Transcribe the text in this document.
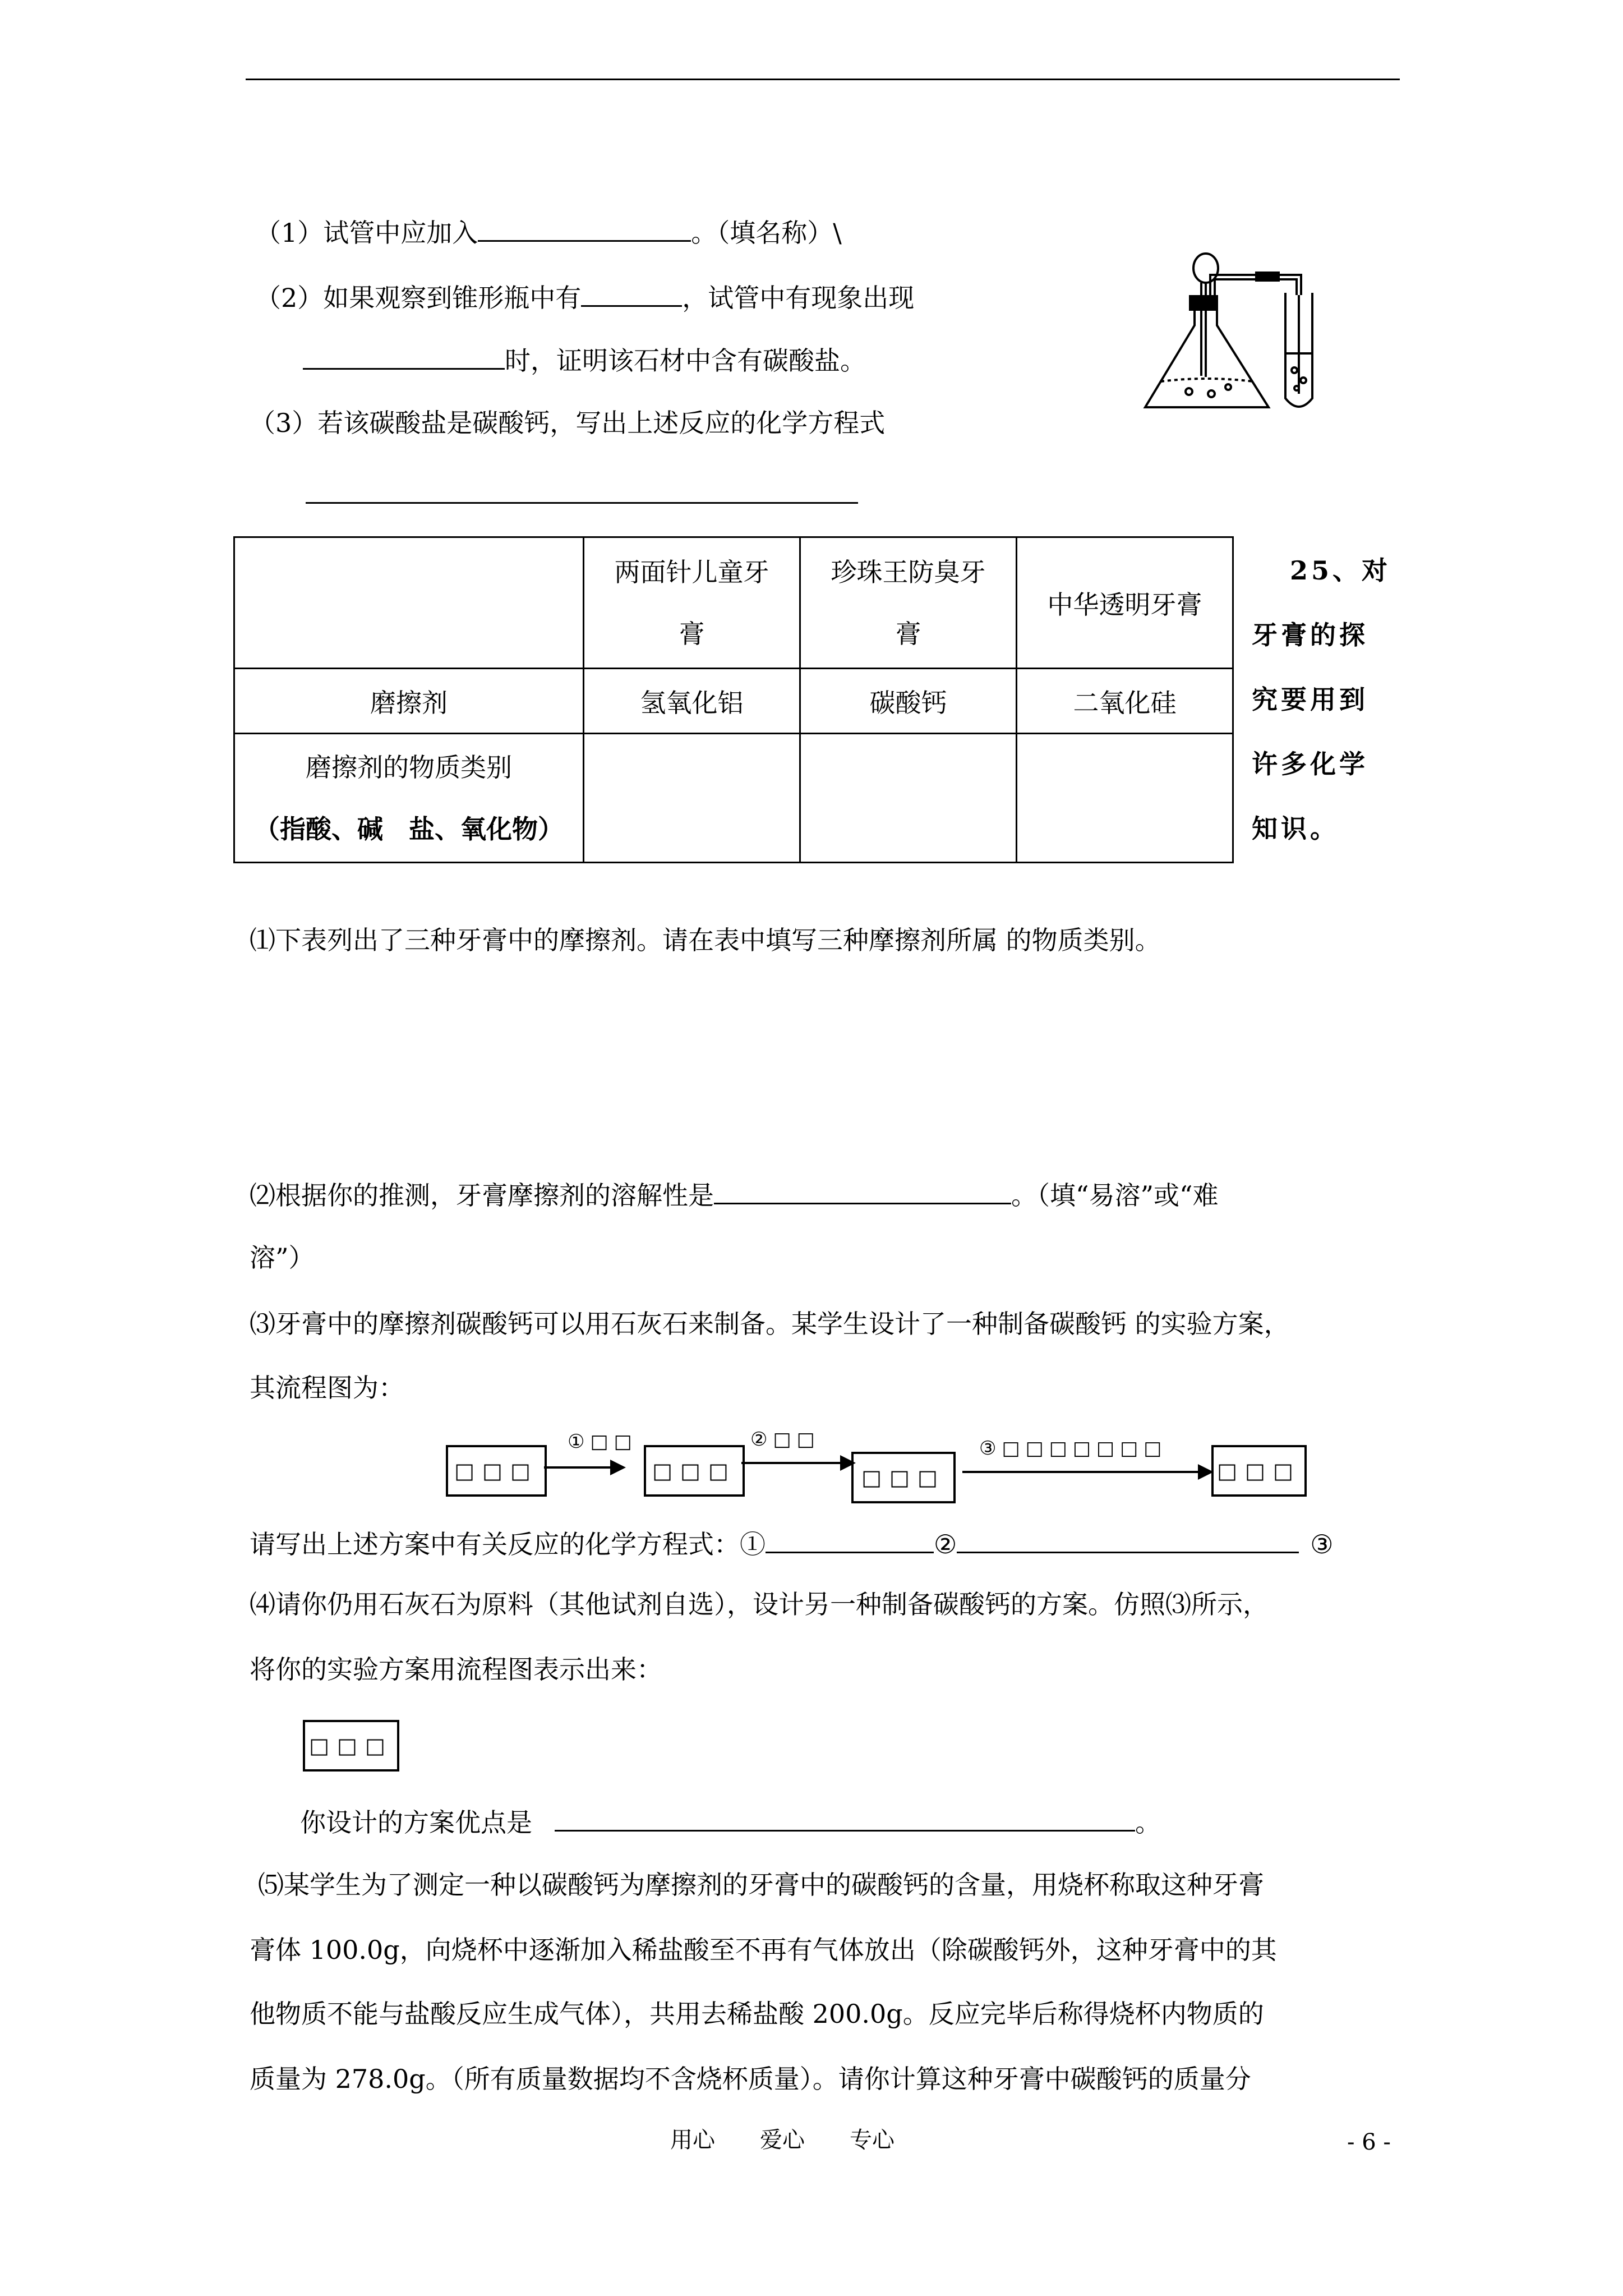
（1）试管中应加入	。（填名称）\
（2）如果观察到锥形瓶中有	，试管中有现象出现
时，证明该石材中含有碳酸盐。
（3）若该碳酸盐是碳酸钙，写出上述反应的化学方程式

	两面针儿童牙膏	珍珠王防臭牙膏	中华透明牙膏
磨擦剂	氢氧化铝	碳酸钙	二氧化硅

磨擦剂的物质类别
（指酸、碱　盐、氧化物）			

25、对
牙膏的探
究要用到
许多化学
知识。
⑴下表列出了三种牙膏中的摩擦剂。请在表中填写三种摩擦剂所属 的物质类别。
⑵根据你的推测，牙膏摩擦剂的溶解性是	。（填“易溶”或“难
溶”）
⑶牙膏中的摩擦剂碳酸钙可以用石灰石来制备。某学生设计了一种制备碳酸钙 的实验方案，
其流程图为：
□□□
①□□
□□□
②□□
□□□
③□□□□□□□
□□□
请写出上述方案中有关反应的化学方程式：①	②	③
⑷请你仍用石灰石为原料（其他试剂自选），设计另一种制备碳酸钙的方案。仿照⑶所示，
将你的实验方案用流程图表示出来：
□□□
你设计的方案优点是	。
⑸某学生为了测定一种以碳酸钙为摩擦剂的牙膏中的碳酸钙的含量，用烧杯称取这种牙膏
膏体 100.0g，向烧杯中逐渐加入稀盐酸至不再有气体放出（除碳酸钙外，这种牙膏中的其
他物质不能与盐酸反应生成气体），共用去稀盐酸 200.0g。反应完毕后称得烧杯内物质的
质量为 278.0g。（所有质量数据均不含烧杯质量）。请你计算这种牙膏中碳酸钙的质量分
用心　　爱心　　专心	- 6 -
